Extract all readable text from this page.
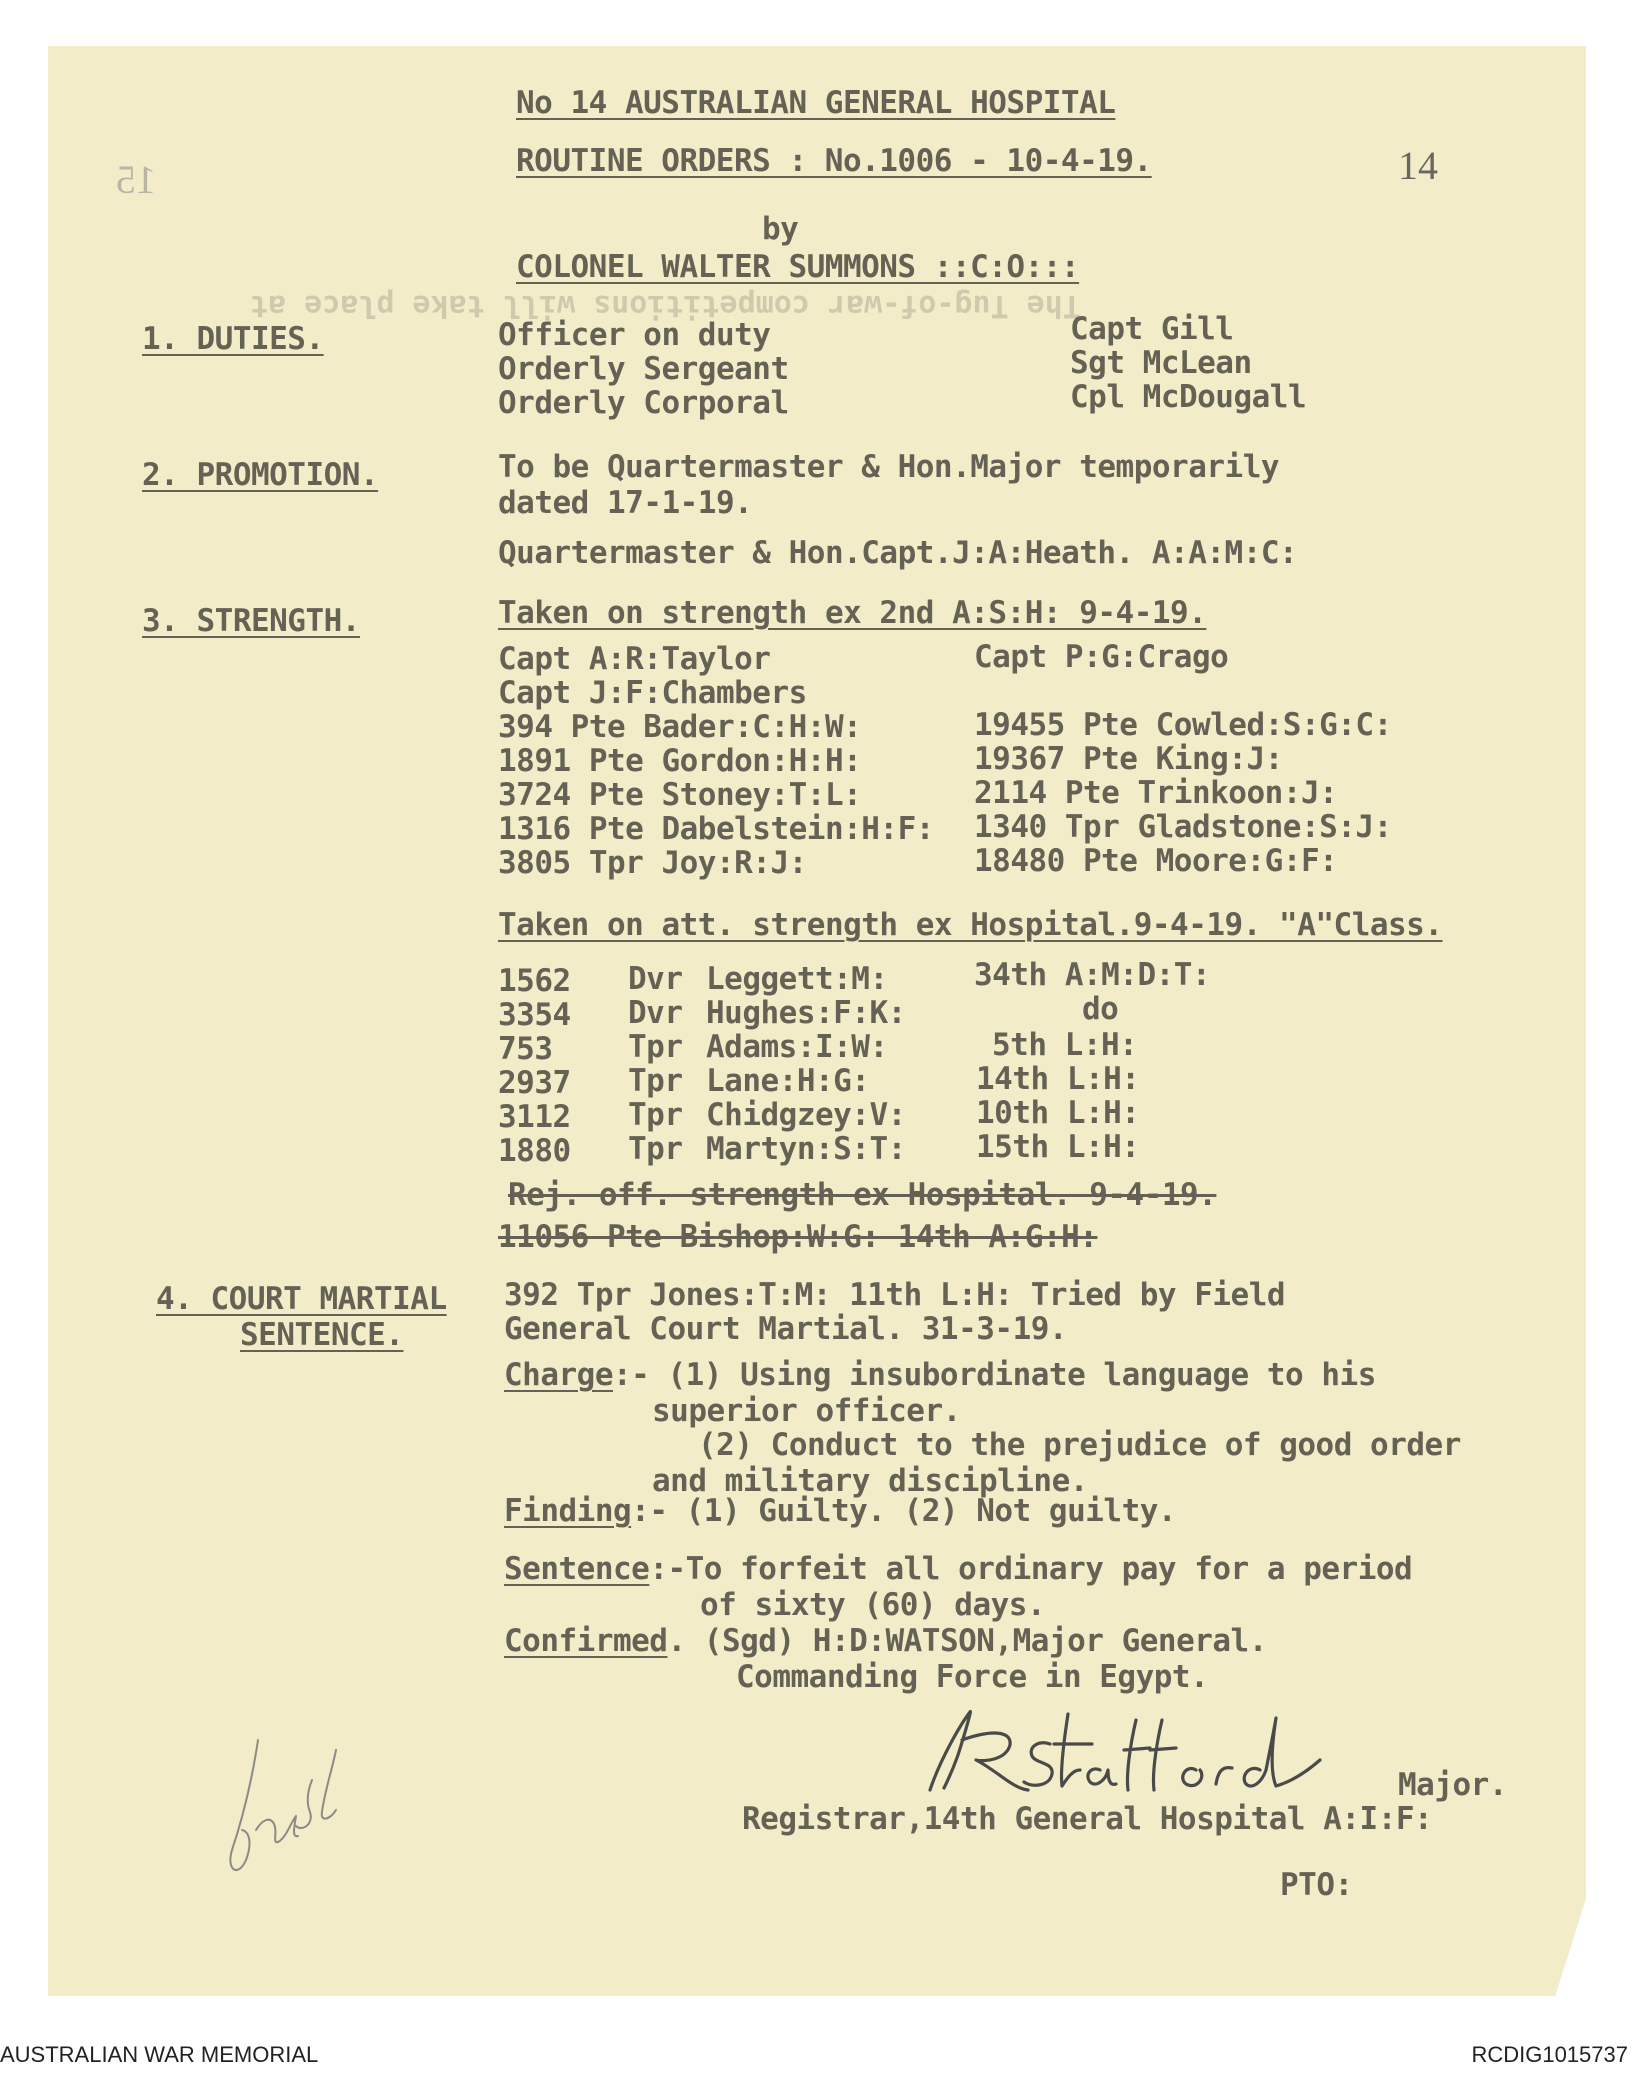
The Tug-of-war competitions will take place at
No 14 AUSTRALIAN GENERAL HOSPITAL
ROUTINE ORDERS : No.1006 - 10-4-19.	14
15
by
COLONEL WALTER SUMMONS ::C:O:::
1. DUTIES.	Officer on duty	Capt Gill
Orderly Sergeant	Sgt McLean
Orderly Corporal	Cpl McDougall
2. PROMOTION.	To be Quartermaster & Hon.Major temporarily
dated 17-1-19.
Quartermaster & Hon.Capt.J:A:Heath. A:A:M:C:
3. STRENGTH.	Taken on strength ex 2nd A:S:H: 9-4-19.
Capt A:R:Taylor	Capt P:G:Crago
Capt J:F:Chambers
394 Pte Bader:C:H:W:	19455 Pte Cowled:S:G:C:
1891 Pte Gordon:H:H:	19367 Pte King:J:
3724 Pte Stoney:T:L:	2114 Pte Trinkoon:J:
1316 Pte Dabelstein:H:F: 1340 Tpr Gladstone:S:J:
3805 Tpr Joy:R:J:	18480 Pte Moore:G:F:
Taken on att. strength ex Hospital.9-4-19. "A"Class.
1562 Dvr Leggett:M:	34th A:M:D:T:
3354 Dvr Hughes:F:K:	do
753 Tpr Adams:I:W:	5th L:H:
2937 Tpr Lane:H:G:	14th L:H:
3112 Tpr Chidgzey:V: 10th L:H:
1880 Tpr Martyn:S:T: 15th L:H:
Rej. off. strength ex Hospital. 9-4-19.
11056 Pte Bishop:W:G: 14th A:G:H:
4. COURT MARTIAL
SENTENCE.
392 Tpr Jones:T:M: 11th L:H: Tried by Field
General Court Martial. 31-3-19.
Charge:- (1) Using insubordinate language to his
superior officer.
(2) Conduct to the prejudice of good order
and military discipline.
Finding:- (1) Guilty. (2) Not guilty.
Sentence:-To forfeit all ordinary pay for a period
of sixty (60) days.
Confirmed. (Sgd) H:D:WATSON,Major General.
Commanding Force in Egypt.
Major.
Registrar,14th General Hospital A:I:F:
PTO:
AUSTRALIAN WAR MEMORIAL	RCDIG1015737
